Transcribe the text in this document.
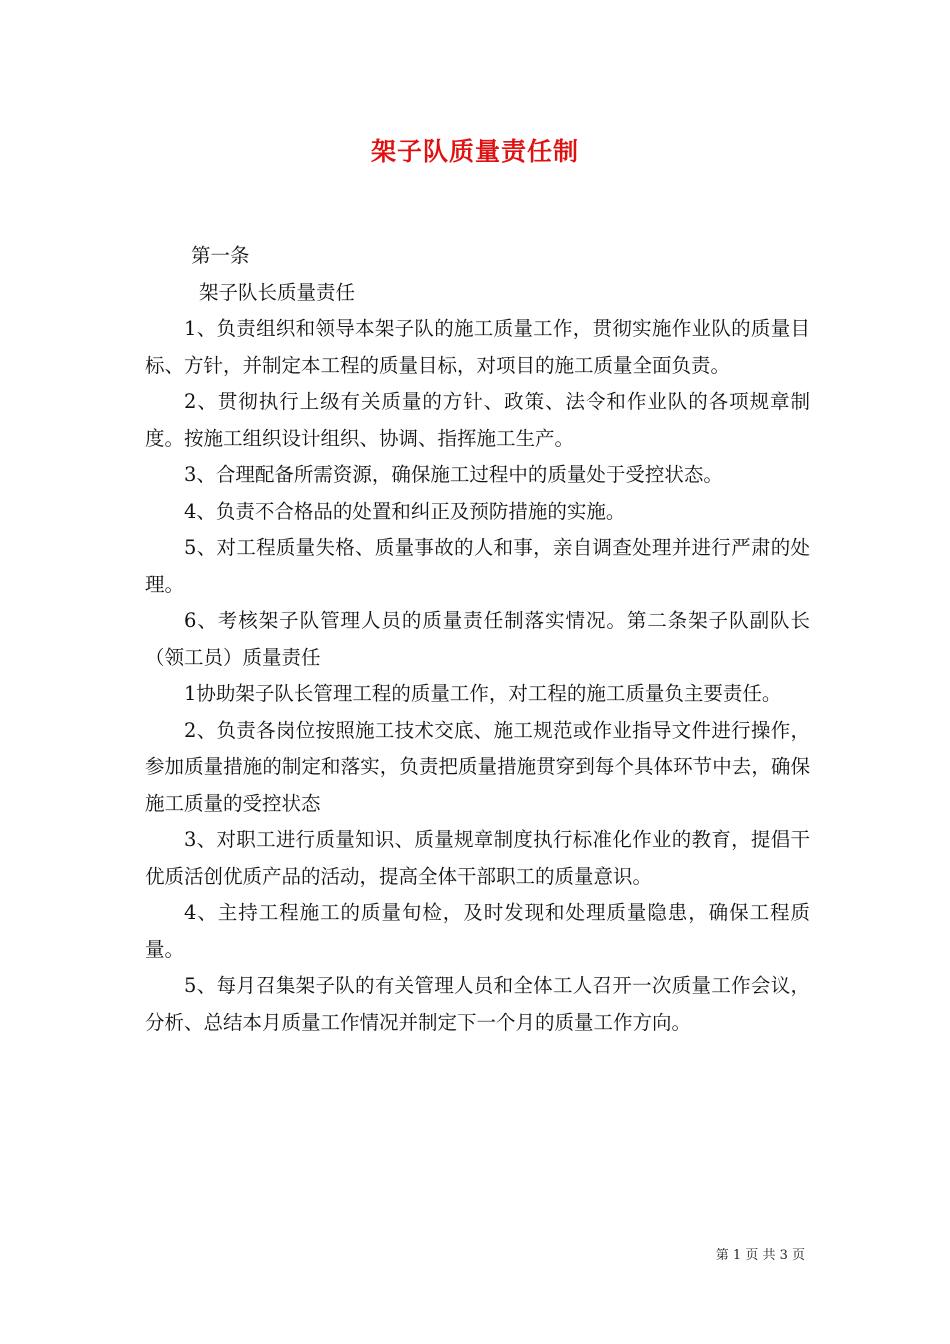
架子队质量责任制

第一条

架子队长质量责任

1、负责组织和领导本架子队的施工质量工作，贯彻实施作业队的质量目标、方针，并制定本工程的质量目标，对项目的施工质量全面负责。

2、贯彻执行上级有关质量的方针、政策、法令和作业队的各项规章制度。按施工组织设计组织、协调、指挥施工生产。

3、合理配备所需资源，确保施工过程中的质量处于受控状态。

4、负责不合格品的处置和纠正及预防措施的实施。

5、对工程质量失格、质量事故的人和事，亲自调查处理并进行严肃的处理。

6、考核架子队管理人员的质量责任制落实情况。第二条架子队副队长（领工员）质量责任

1协助架子队长管理工程的质量工作，对工程的施工质量负主要责任。

2、负责各岗位按照施工技术交底、施工规范或作业指导文件进行操作，参加质量措施的制定和落实，负责把质量措施贯穿到每个具体环节中去，确保施工质量的受控状态

3、对职工进行质量知识、质量规章制度执行标准化作业的教育，提倡干优质活创优质产品的活动，提高全体干部职工的质量意识。

4、主持工程施工的质量旬检，及时发现和处理质量隐患，确保工程质量。

5、每月召集架子队的有关管理人员和全体工人召开一次质量工作会议，分析、总结本月质量工作情况并制定下一个月的质量工作方向。

第 1 页 共 3 页
